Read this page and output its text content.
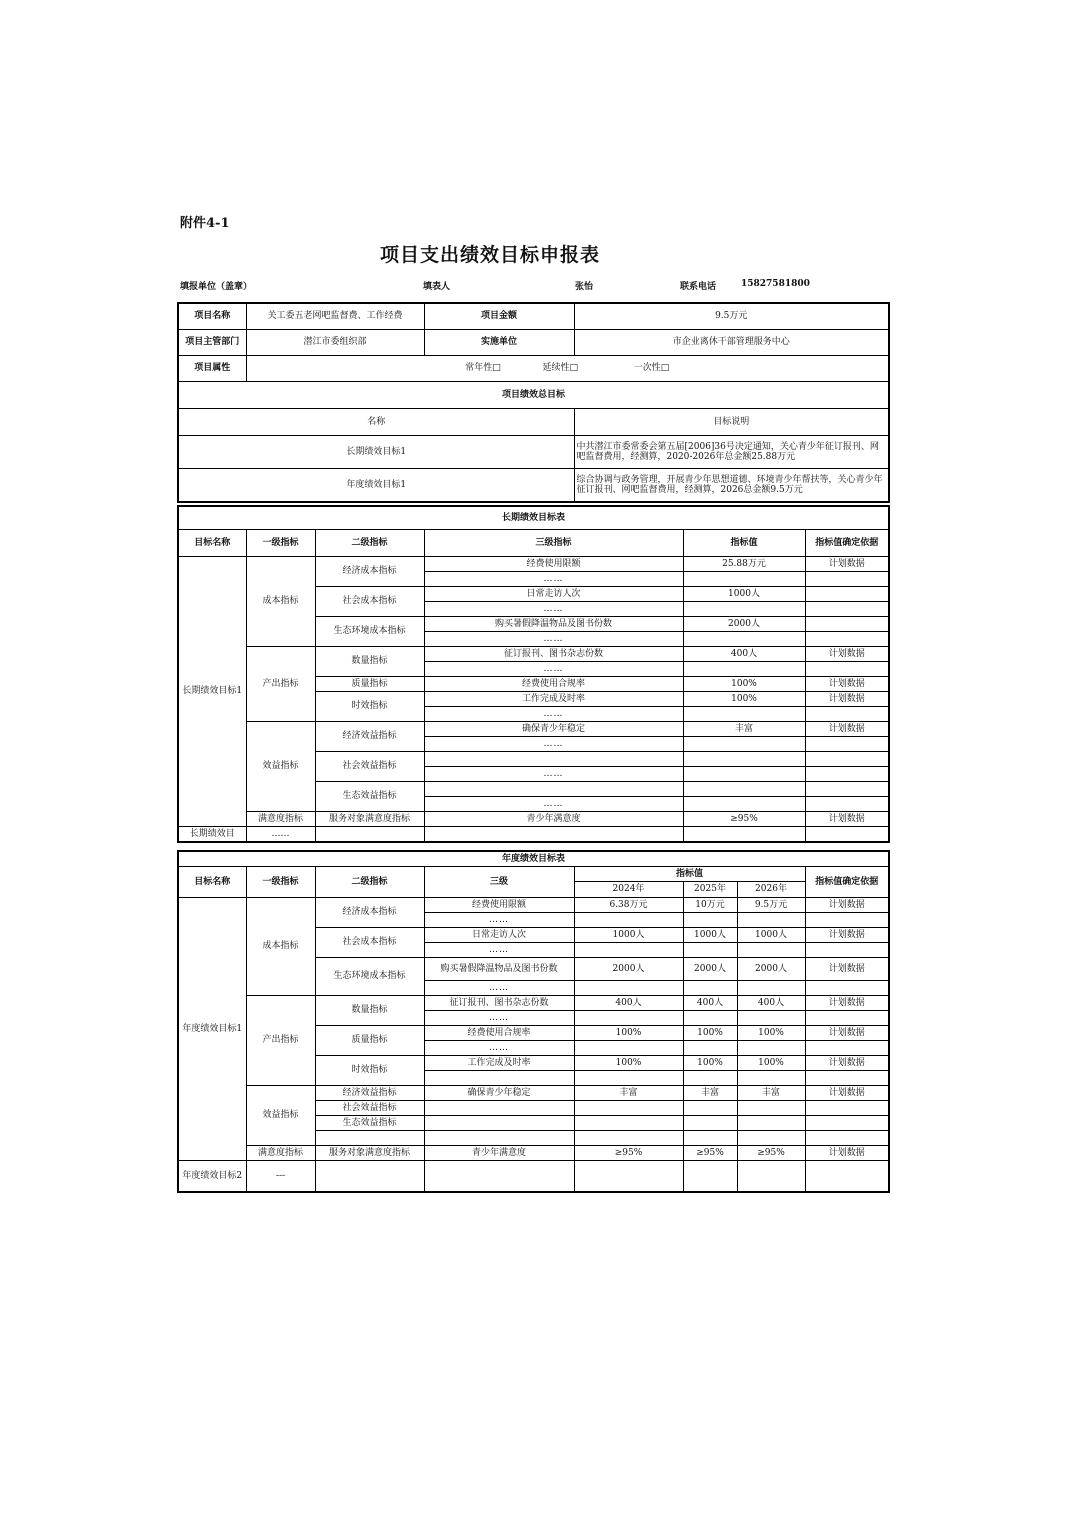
附件4-1
项目支出绩效目标申报表
填报单位（盖章）	填表人	张怡	联系电话	15827581800
项目名称	关工委五老网吧监督费、工作经费	项目金额	9.5万元
项目主管部门	潜江市委组织部	实施单位	市企业离休干部管理服务中心
项目属性	常年性□ 延续性□ 一次性□		
项目绩效总目标			
名称			目标说明
长期绩效目标1			中共潜江市委常委会第五届[2006]36号决定通知，关心青少年征订报刊、网吧监督费用，经测算，2020-2026年总金额25.88万元
年度绩效目标1			综合协调与政务管理，开展青少年思想道德、环境青少年帮扶等，关心青少年征订报刊、网吧监督费用，经测算，2026总金额9.5万元
长期绩效目标表					
目标名称	一级指标	二级指标	三级指标	指标值	指标值确定依据
长期绩效目标1	成本指标	经济成本指标	经费使用限额	25.88万元	计划数据
			……		
		社会成本指标	日常走访人次	1000人	
			……		
		生态环境成本指标	购买暑假降温物品及图书份数	2000人	
			……		
	产出指标	数量指标	征订报刊、图书杂志份数	400人	计划数据
			……		
		质量指标	经费使用合规率	100%	计划数据
		时效指标	工作完成及时率	100%	计划数据
			……		
	效益指标	经济效益指标	确保青少年稳定	丰富	计划数据
			……		
		社会效益指标			
			……		
		生态效益指标			
			……		
	满意度指标	服务对象满意度指标	青少年满意度	≥95%	计划数据
长期绩效目	……				
年度绩效目标表							
目标名称	一级指标	二级指标	三级	指标值			指标值确定依据
				2024年	2025年	2026年	
年度绩效目标1	成本指标	经济成本指标	经费使用限额	6.38万元	10万元	9.5万元	计划数据
			……				
		社会成本指标	日常走访人次	1000人	1000人	1000人	计划数据
			……				
		生态环境成本指标	购买暑假降温物品及图书份数	2000人	2000人	2000人	计划数据
			……				
	产出指标	数量指标	征订报刊、图书杂志份数	400人	400人	400人	计划数据
			……				
		质量指标	经费使用合规率	100%	100%	100%	计划数据
			……				
		时效指标	工作完成及时率	100%	100%	100%	计划数据

	效益指标	经济效益指标	确保青少年稳定	丰富	丰富	丰富	计划数据
		社会效益指标					
		生态效益指标					

	满意度指标	服务对象满意度指标	青少年满意度	≥95%	≥95%	≥95%	计划数据
年度绩效目标2	---						
